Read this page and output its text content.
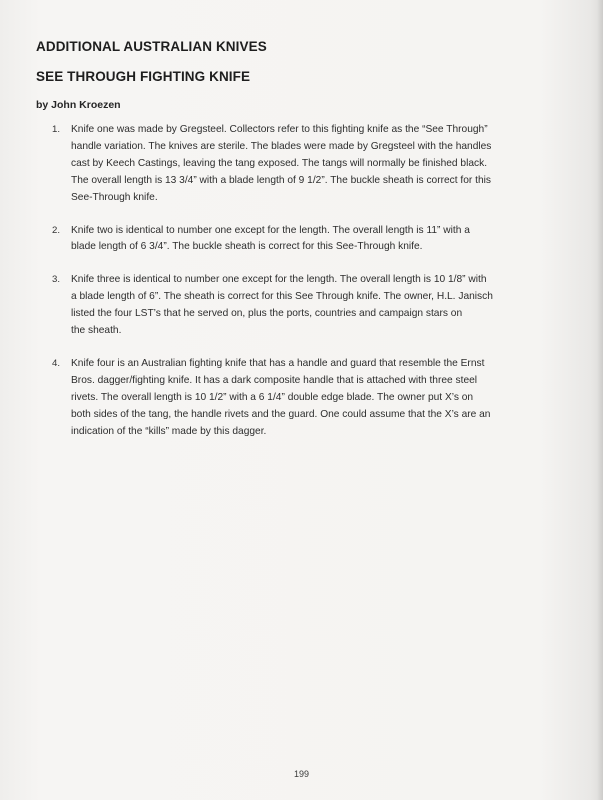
ADDITIONAL AUSTRALIAN KNIVES
SEE THROUGH FIGHTING KNIFE

by John Kroezen

1. Knife one was made by Gregsteel. Collectors refer to this fighting knife as the “See Through”
handle variation. The knives are sterile. The blades were made by Gregsteel with the handles
cast by Keech Castings, leaving the tang exposed. The tangs will normally be finished black.
The overall length is 13 3/4” with a blade length of 9 1/2”. The buckle sheath is correct for this
See-Through knife.
2. Knife two is identical to number one except for the length. The overall length is 11” with a
blade length of 6 3/4”. The buckle sheath is correct for this See-Through knife.
3. Knife three is identical to number one except for the length. The overall length is 10 1/8” with
a blade length of 6”. The sheath is correct for this See Through knife. The owner, H.L. Janisch
listed the four LST’s that he served on, plus the ports, countries and campaign stars on
the sheath.
4. Knife four is an Australian fighting knife that has a handle and guard that resemble the Ernst
Bros. dagger/fighting knife. It has a dark composite handle that is attached with three steel
rivets. The overall length is 10 1/2” with a 6 1/4” double edge blade. The owner put X’s on
both sides of the tang, the handle rivets and the guard. One could assume that the X’s are an
indication of the “kills” made by this dagger.
199
